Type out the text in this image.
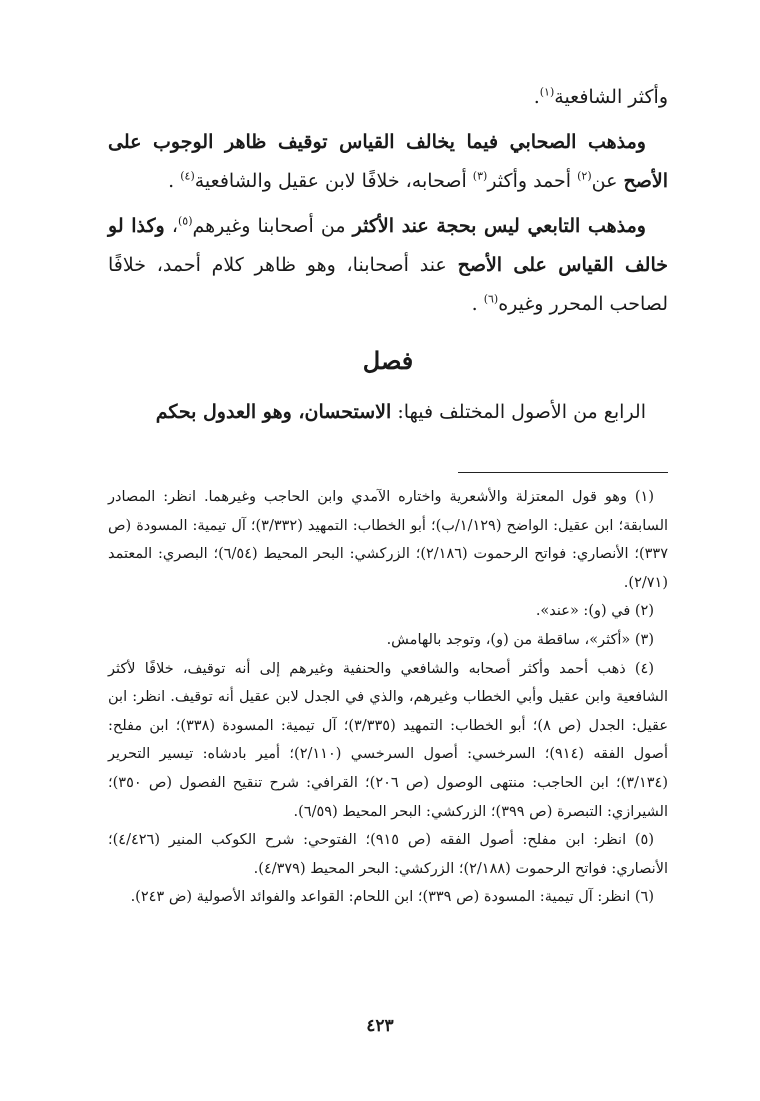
وأكثر الشافعية$^{(١)}$.

ومذهب الصحابي فيما يخالف القياس توقيف ظاهر الوجوب على الأصح عن$^{(٢)}$ أحمد وأكثر$^{(٣)}$ أصحابه، خلافًا لابن عقيل والشافعية$^{(٤)}$ .

ومذهب التابعي ليس بحجة عند الأكثر من أصحابنا وغيرهم$^{(٥)}$، وكذا لو خالف القياس على الأصح عند أصحابنا، وهو ظاهر كلام أحمد، خلافًا لصاحب المحرر وغيره$^{(٦)}$ .

فصل

الرابع من الأصول المختلف فيها: الاستحسان، وهو العدول بحكم

(١) وهو قول المعتزلة والأشعرية واختاره الآمدي وابن الحاجب وغيرهما. انظر: المصادر السابقة؛ ابن عقيل: الواضح (١/١٢٩/ب)؛ أبو الخطاب: التمهيد (٣/٣٣٢)؛ آل تيمية: المسودة (ص ٣٣٧)؛ الأنصاري: فواتح الرحموت (٢/١٨٦)؛ الزركشي: البحر المحيط (٦/٥٤)؛ البصري: المعتمد (٢/٧١).

(٢) في (و): «عند».

(٣) «أكثر»، ساقطة من (و)، وتوجد بالهامش.

(٤) ذهب أحمد وأكثر أصحابه والشافعي والحنفية وغيرهم إلى أنه توقيف، خلافًا لأكثر الشافعية وابن عقيل وأبي الخطاب وغيرهم، والذي في الجدل لابن عقيل أنه توقيف. انظر: ابن عقيل: الجدل (ص ٨)؛ أبو الخطاب: التمهيد (٣/٣٣٥)؛ آل تيمية: المسودة (٣٣٨)؛ ابن مفلح: أصول الفقه (٩١٤)؛ السرخسي: أصول السرخسي (٢/١١٠)؛ أمير بادشاه: تيسير التحرير (٣/١٣٤)؛ ابن الحاجب: منتهى الوصول (ص ٢٠٦)؛ القرافي: شرح تنقيح الفصول (ص ٣٥٠)؛ الشيرازي: التبصرة (ص ٣٩٩)؛ الزركشي: البحر المحيط (٦/٥٩).

(٥) انظر: ابن مفلح: أصول الفقه (ص ٩١٥)؛ الفتوحي: شرح الكوكب المنير (٤/٤٢٦)؛ الأنصاري: فواتح الرحموت (٢/١٨٨)؛ الزركشي: البحر المحيط (٤/٣٧٩).

(٦) انظر: آل تيمية: المسودة (ص ٣٣٩)؛ ابن اللحام: القواعد والفوائد الأصولية (ض ٢٤٣).

٤٢٣
